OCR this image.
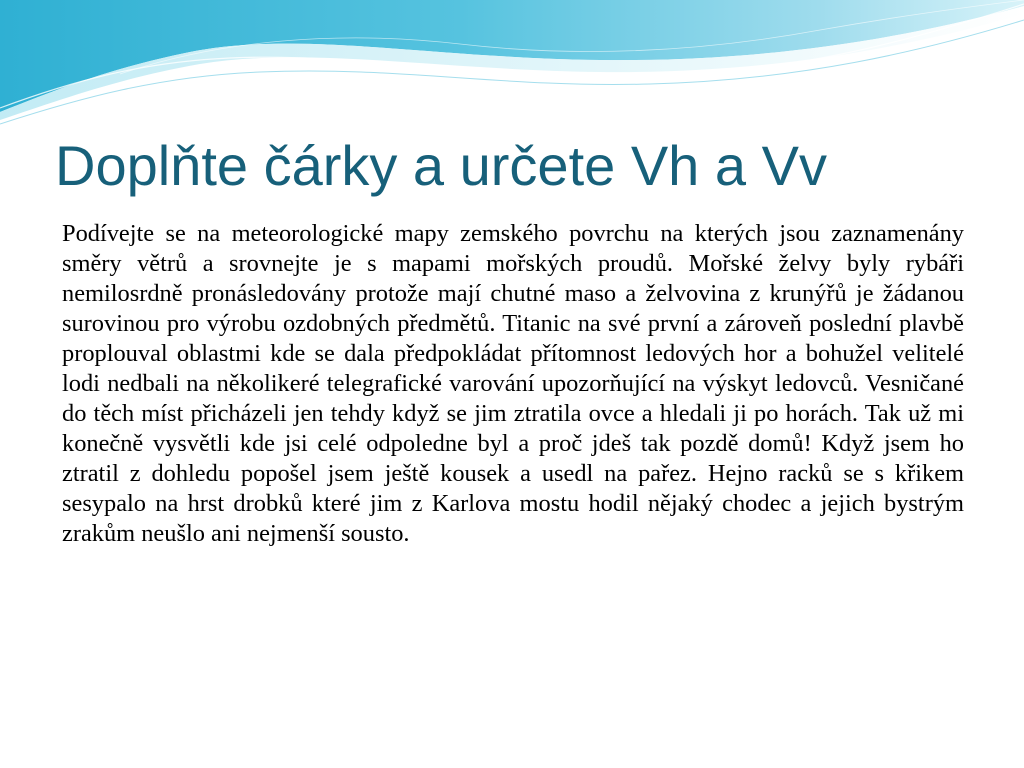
Doplňte čárky a určete Vh a Vv

Podívejte se na meteorologické mapy zemského povrchu na kterých jsou zaznamenány směry větrů a srovnejte je s mapami mořských proudů. Mořské želvy byly rybáři nemilosrdně pronásledovány protože mají chutné maso a želvovina z krunýřů je žádanou surovinou pro výrobu ozdobných předmětů. Titanic na své první a zároveň poslední plavbě proplouval oblastmi kde se dala předpokládat přítomnost ledových hor a bohužel velitelé lodi nedbali na několikeré telegrafické varování upozorňující na výskyt ledovců. Vesničané do těch míst přicházeli jen tehdy když se jim ztratila ovce a hledali ji po horách. Tak už mi konečně vysvětli kde jsi celé odpoledne byl a proč jdeš tak pozdě domů! Když jsem ho ztratil z dohledu popošel jsem ještě kousek a usedl na pařez. Hejno racků se s křikem sesypalo na hrst drobků které jim z Karlova mostu hodil nějaký chodec a jejich bystrým zrakům neušlo ani nejmenší sousto.
